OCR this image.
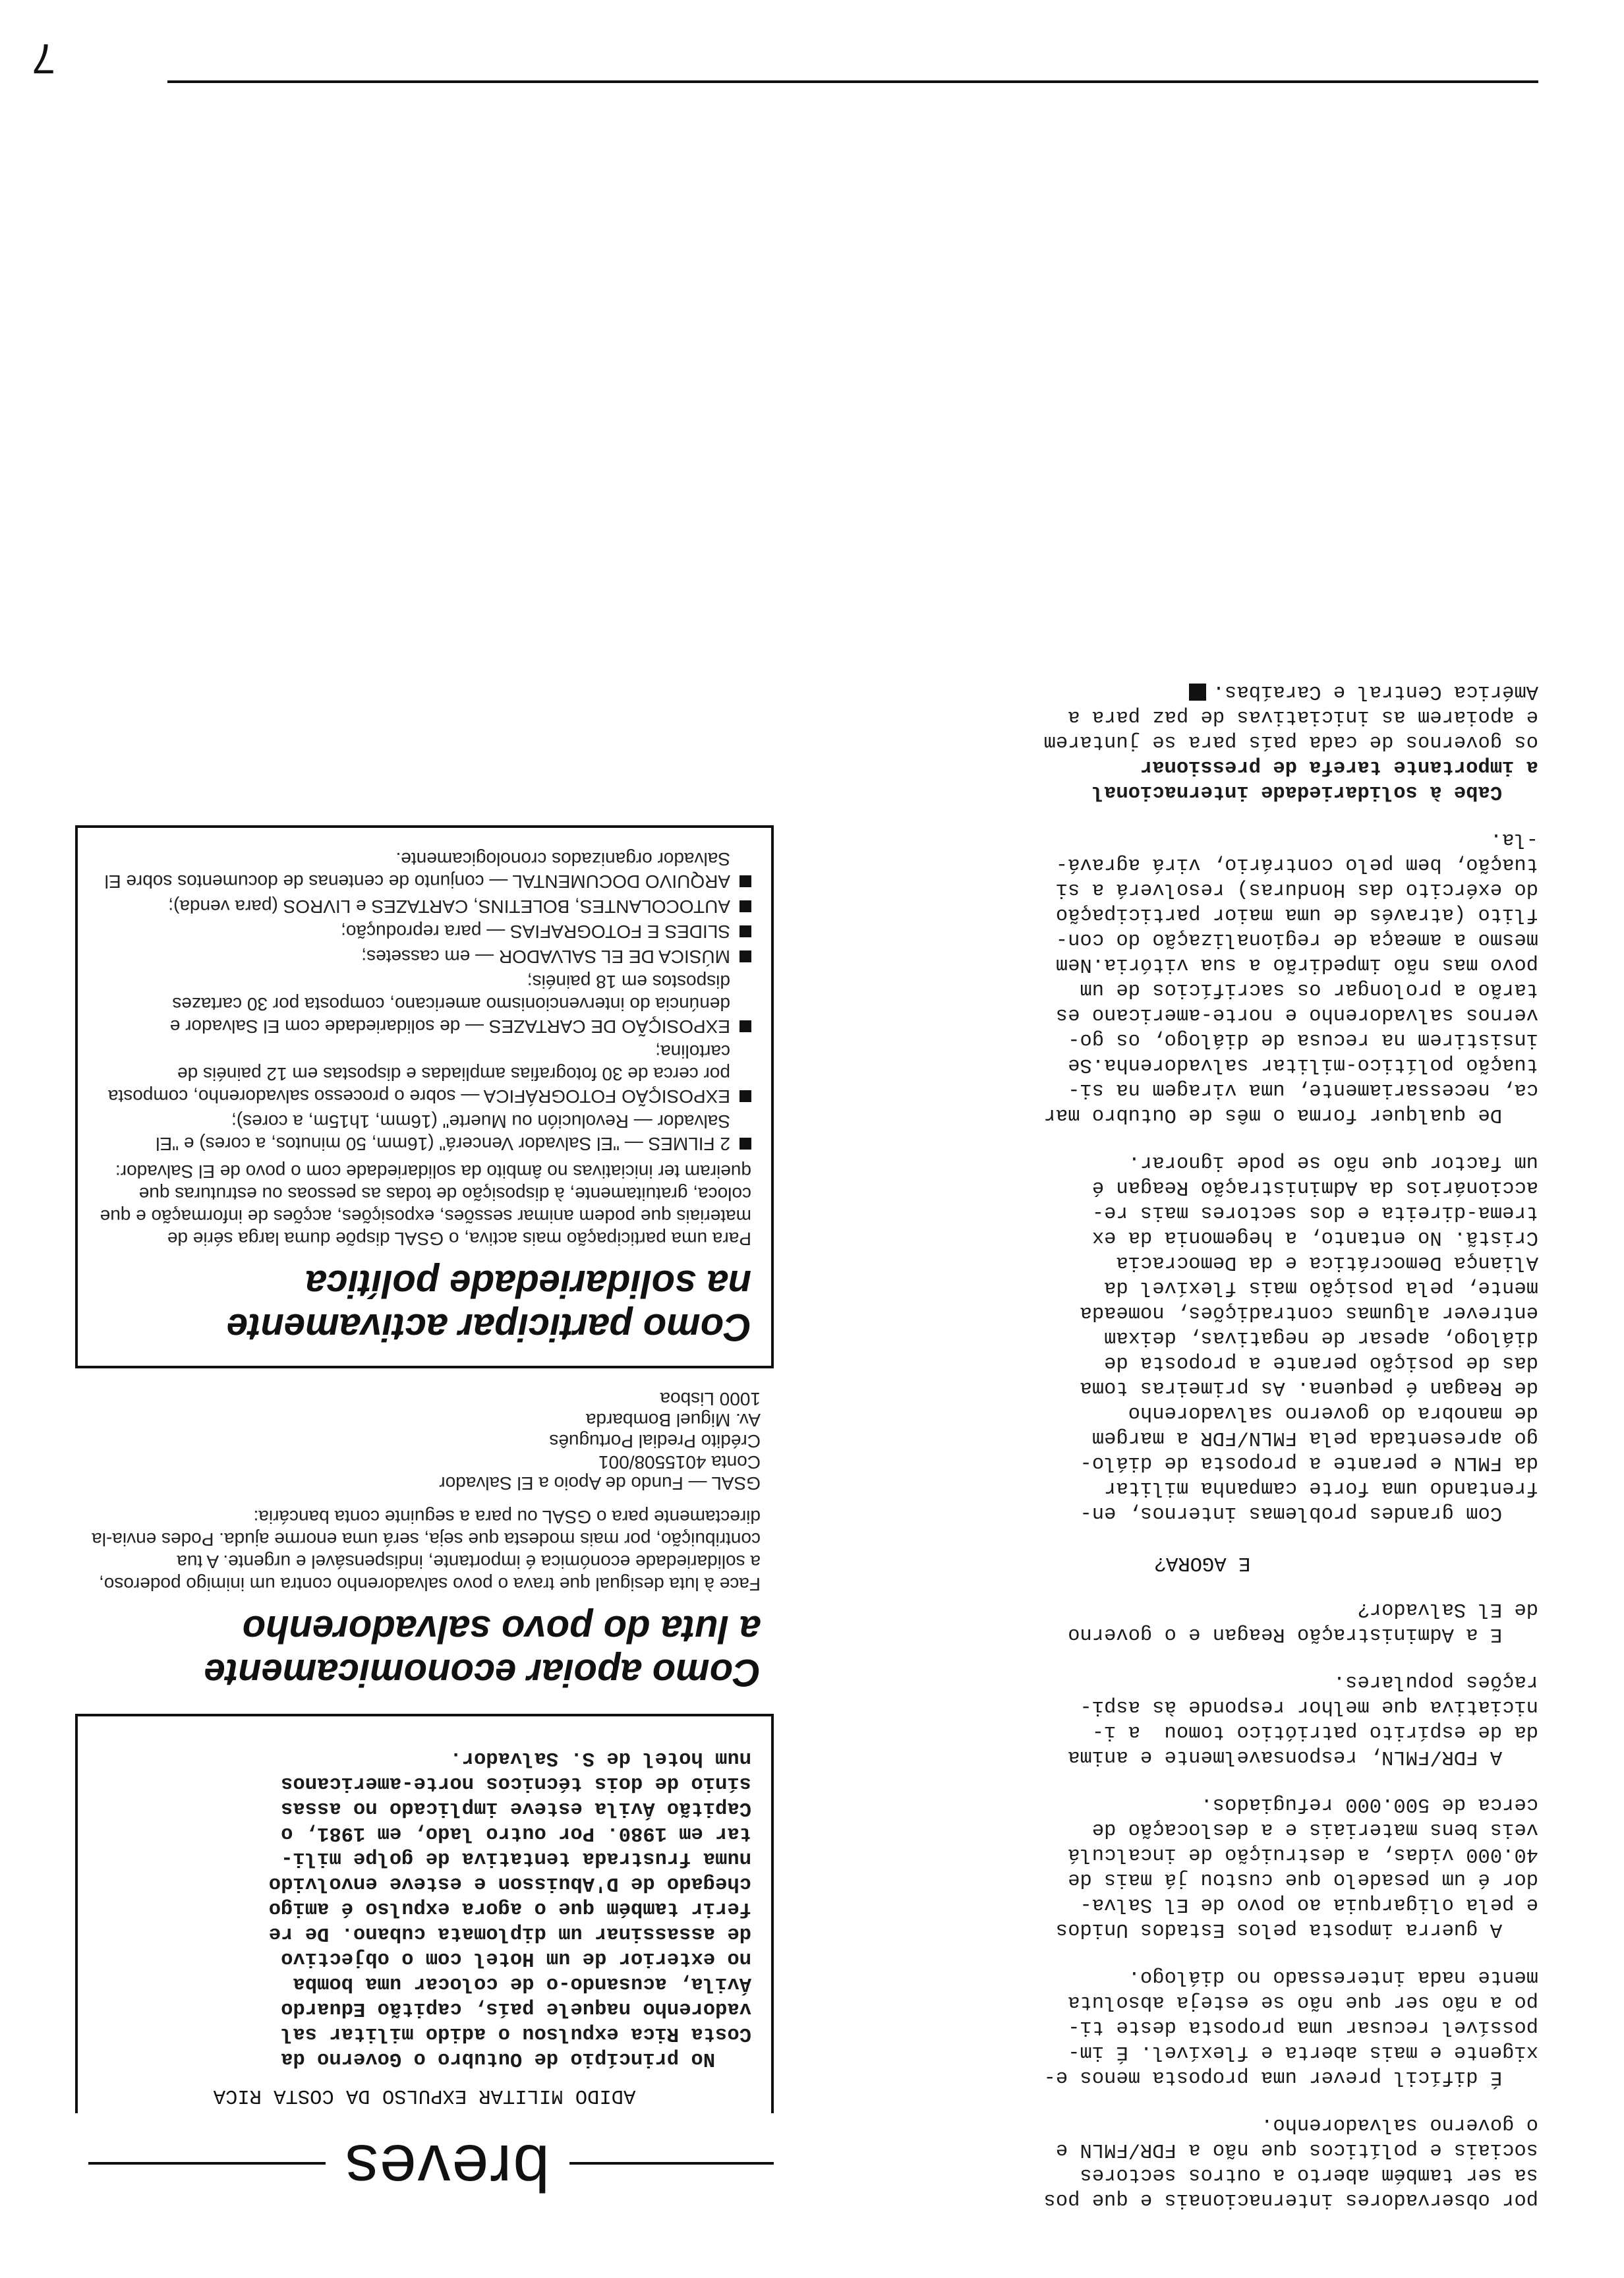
por observadores internacionais e que pos
sa ser também aberto a outros sectores
sociais e políticos que não a FDR/FMLN e
o governo salvadorenho.

É difícil prever uma proposta menos e-
xigente e mais aberta e flexível. É im-
possível recusar uma proposta deste ti-
po a não ser que não se esteja absoluta
mente nada interessado no diálogo.

A guerra imposta pelos Estados Unidos
e pela oligarquia ao povo de El Salva-
dor é um pesadelo que custou já mais de
40.000 vidas, a destruição de incalculá
veis bens materiais e a deslocação de
cerca de 500.000 refugiados.

A FDR/FMLN, responsavelmente e anima
da de espírito patriótico tomou  a i-
niciativa que melhor responde às aspi-
rações populares.

E a Administração Reagan e o governo
de El Salvador?

E AGORA?

Com grandes problemas internos, en-
frentando uma forte campanha militar
da FMLN e perante a proposta de diálo-
go apresentada pela FMLN/FDR a margem
de manobra do governo salvadorenho
de Reagan é pequena. As primeiras toma
das de posição perante a proposta de
diálogo, apesar de negativas, deixam
entrever algumas contradições, nomeada
mente, pela posição mais flexível da
Aliança Democrática e da Democracia
Cristã. No entanto, a hegemonia da ex
trema-direita e dos sectores mais re-
accionários da Administração Reagan é
um factor que não se pode ignorar.

De qualquer forma o mês de Outubro mar
ca, necessariamente, uma viragem na si-
tuação político-militar salvadorenha.Se
insistirem na recusa de diálogo, os go-
vernos salvadorenho e norte-americano es
tarão a prolongar os sacrifícios de um
povo mas não impedirão a sua vitória.Nem
mesmo a ameaça de regionalização do con-
flito (através de uma maior participação
do exército das Honduras) resolverá a si
tuação, bem pelo contrário, virá agravá-
-la.

Cabe à solidariedade internacional
a importante tarefa de pressionar

os governos de cada país para se juntarem
e apoiarem as iniciativas de paz para a
América Central e Caraíbas.

breves
ADIDO MILITAR EXPULSO DA COSTA RICA

No princípio de Outubro o Governo da
Costa Rica expulsou o adido militar sal
vadorenho naquele país, capitão Eduardo
Ávila, acusando-o de colocar uma bomba
no exterior de um Hotel com o objectivo
de assassinar um diplomata cubano. De re
ferir também que o agora expulso é amigo
chegado de D'Abuisson e esteve envolvido
numa frustrada tentativa de golpe mili-
tar em 1980. Por outro lado, em 1981, o
Capitão Ávila esteve implicado no assas
sínio de dois técnicos norte-americanos
num hotel de S. Salvador.

Como apoiar economicamente
a luta do povo salvadorenho

Face à luta desigual que trava o povo salvadorenho contra um inimigo poderoso, a solidariedade económica é importante, indispensável e urgente. A tua contribuição, por mais modesta que seja, será uma enorme ajuda. Podes envia-la directamente para o GSAL ou para a seguinte conta bancária:

GSAL — Fundo de Apoio a El Salvador

Conta 4015508/001

Crédito Predial Português

Av. Miguel Bombarda

1000 Lisboa

Como participar activamente
na solidariedade política

Para uma participação mais activa, o GSAL dispõe duma larga série de materiais que podem animar sessões, exposições, acções de informação e que coloca, gratuitamente, à disposição de todas as pessoas ou estruturas que queiram ter iniciativas no âmbito da solidariedade com o povo de El Salvador:

2 FILMES — "El Salvador Vencerá" (16mm, 50 minutos, a cores) e "El Salvador — Revolución ou Muerte" (16mm, 1h15m, a cores);
EXPOSIÇÃO FOTOGRÁFICA — sobre o processo salvadorenho, composta por cerca de 30 fotografias ampliadas e dispostas em 12 painéis de cartolina;
EXPOSIÇÃO DE CARTAZES — de solidariedade com El Salvador e denúncia do intervencionismo americano, composta por 30 cartazes dispostos em 18 painéis;
MÚSICA DE EL SALVADOR — em cassetes;
SLIDES E FOTOGRAFIAS — para reprodução;
AUTOCOLANTES, BOLETINS, CARTAZES e LIVROS (para venda);
ARQUIVO DOCUMENTAL — conjunto de centenas de documentos sobre El Salvador organizados cronologicamente.
7
